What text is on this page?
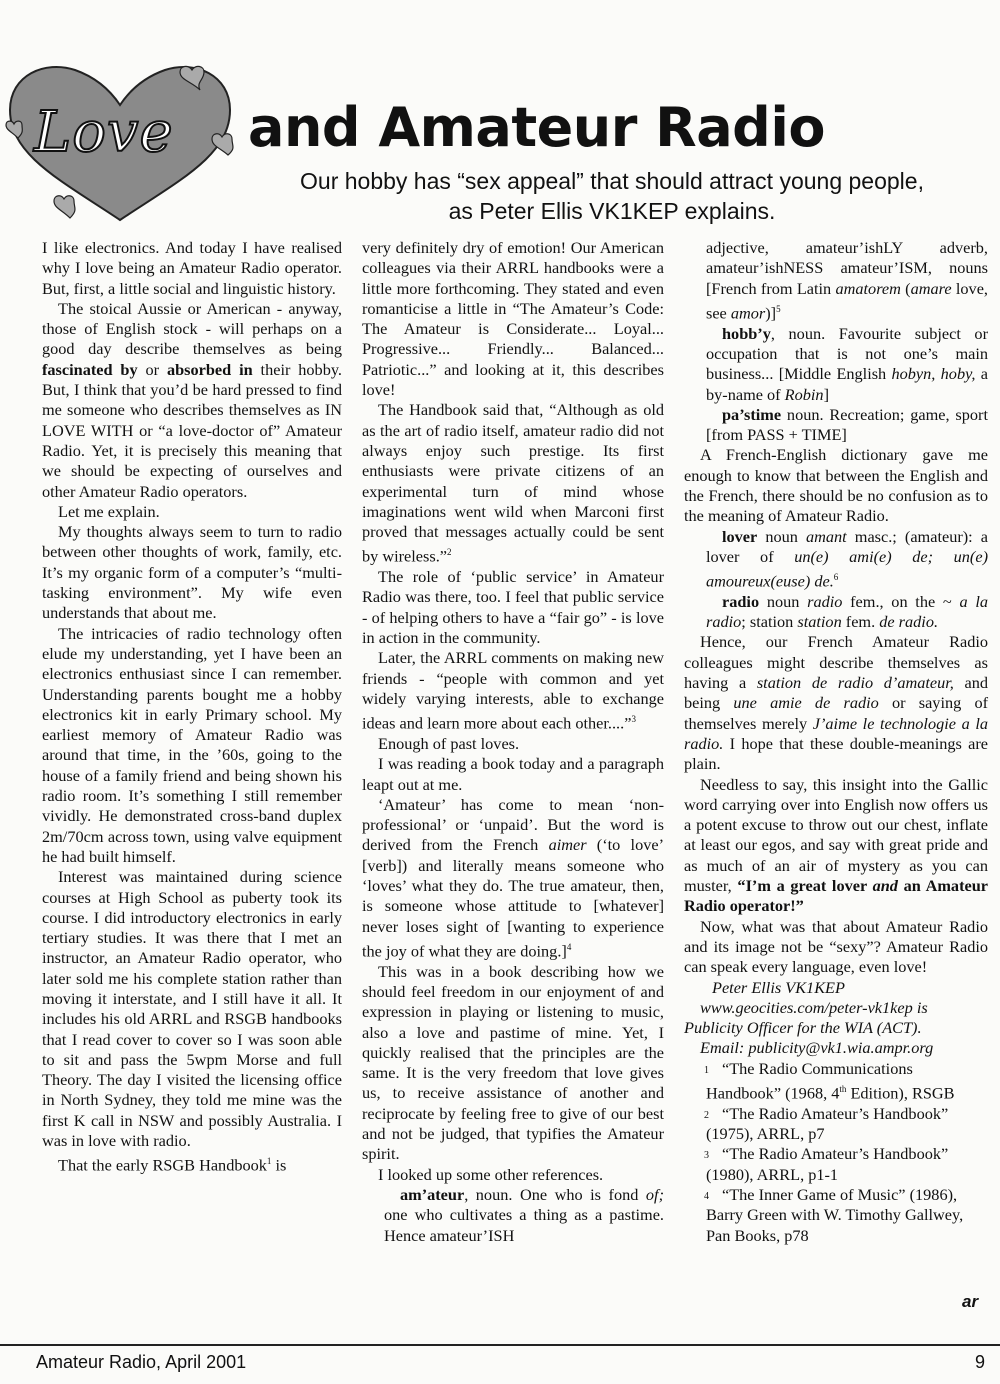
Love and Amateur Radio
Our hobby has “sex appeal” that should attract young people,
as Peter Ellis VK1KEP explains.

I like electronics. And today I have realised why I love being an Amateur Radio operator. But, first, a little social and linguistic history.

The stoical Aussie or American - anyway, those of English stock - will perhaps on a good day describe themselves as being fascinated by or absorbed in their hobby. But, I think that you’d be hard pressed to find me someone who describes themselves as IN LOVE WITH or “a love-doctor of” Amateur Radio. Yet, it is precisely this meaning that we should be expecting of ourselves and other Amateur Radio operators.

Let me explain.

My thoughts always seem to turn to radio between other thoughts of work, family, etc. It’s my organic form of a computer’s “multi-tasking environment”. My wife even understands that about me.

The intricacies of radio technology often elude my understanding, yet I have been an electronics enthusiast since I can remember. Understanding parents bought me a hobby electronics kit in early Primary school. My earliest memory of Amateur Radio was around that time, in the ’60s, going to the house of a family friend and being shown his radio room. It’s something I still remember vividly. He demonstrated cross-band duplex 2m/70cm across town, using valve equipment he had built himself.

Interest was maintained during science courses at High School as puberty took its course. I did introductory electronics in early tertiary studies. It was there that I met an instructor, an Amateur Radio operator, who later sold me his complete station rather than moving it interstate, and I still have it all. It includes his old ARRL and RSGB handbooks that I read cover to cover so I was soon able to sit and pass the 5wpm Morse and full Theory. The day I visited the licensing office in North Sydney, they told me mine was the first K call in NSW and possibly Australia. I was in love with radio.

That the early RSGB Handbook$^1$ is

very definitely dry of emotion! Our American colleagues via their ARRL handbooks were a little more forthcoming. They stated and even romanticise a little in “The Amateur’s Code: The Amateur is Considerate... Loyal... Progressive... Friendly... Balanced... Patriotic...” and looking at it, this describes love!

The Handbook said that, “Although as old as the art of radio itself, amateur radio did not always enjoy such prestige. Its first enthusiasts were private citizens of an experimental turn of mind whose imaginations went wild when Marconi first proved that messages actually could be sent by wireless.”$^2$

The role of ‘public service’ in Amateur Radio was there, too. I feel that public service - of helping others to have a “fair go” - is love in action in the community.

Later, the ARRL comments on making new friends - “people with common and yet widely varying interests, able to exchange ideas and learn more about each other....”$^3$

Enough of past loves.

I was reading a book today and a paragraph leapt out at me.

‘Amateur’ has come to mean ‘non-professional’ or ‘unpaid’. But the word is derived from the French aimer (‘to love’ [verb]) and literally means someone who ‘loves’ what they do. The true amateur, then, is someone whose attitude to [whatever] never loses sight of [wanting to experience the joy of what they are doing.]$^4$

This was in a book describing how we should feel freedom in our enjoyment of and expression in playing or listening to music, also a love and pastime of mine. Yet, I quickly realised that the principles are the same. It is the very freedom that love gives us, to receive assistance of another and reciprocate by feeling free to give of our best and not be judged, that typifies the Amateur spirit.

I looked up some other references.

am’ateur, noun. One who is fond of; one who cultivates a thing as a pastime. Hence amateur’ISH

adjective, amateur’ishLY adverb, amateur’ishNESS amateur’ISM, nouns [French from Latin amatorem (amare love, see amor)]$^5$

hobb’y, noun. Favourite subject or occupation that is not one’s main business... [Middle English hobyn, hoby, a by-name of Robin]

pa’stime noun. Recreation; game, sport [from PASS + TIME]

A French-English dictionary gave me enough to know that between the English and the French, there should be no confusion as to the meaning of Amateur Radio.

lover noun amant masc.; (amateur): a lover of un(e) ami(e) de; un(e) amoureux(euse) de.$^6$

radio noun radio fem., on the ~ a la radio; station station fem. de radio.

Hence, our French Amateur Radio colleagues might describe themselves as having a station de radio d’amateur, and being une amie de radio or saying of themselves merely J’aime le technologie a la radio. I hope that these double-meanings are plain.

Needless to say, this insight into the Gallic word carrying over into English now offers us a potent excuse to throw out our chest, inflate at least our egos, and say with great pride and as much of an air of mystery as you can muster, “I’m a great lover and an Amateur Radio operator!”

Now, what was that about Amateur Radio and its image not be “sexy”? Amateur Radio can speak every language, even love!

Peter Ellis VK1KEP

www.geocities.com/peter-vk1kep is Publicity Officer for the WIA (ACT).

Email: publicity@vk1.wia.ampr.org

1 “The Radio Communications Handbook” (1968, 4th Edition), RSGB

2 “The Radio Amateur’s Handbook” (1975), ARRL, p7

3 “The Radio Amateur’s Handbook” (1980), ARRL, p1-1

4 “The Inner Game of Music” (1986), Barry Green with W. Timothy Gallwey, Pan Books, p78

ar
Amateur Radio, April 2001	9
